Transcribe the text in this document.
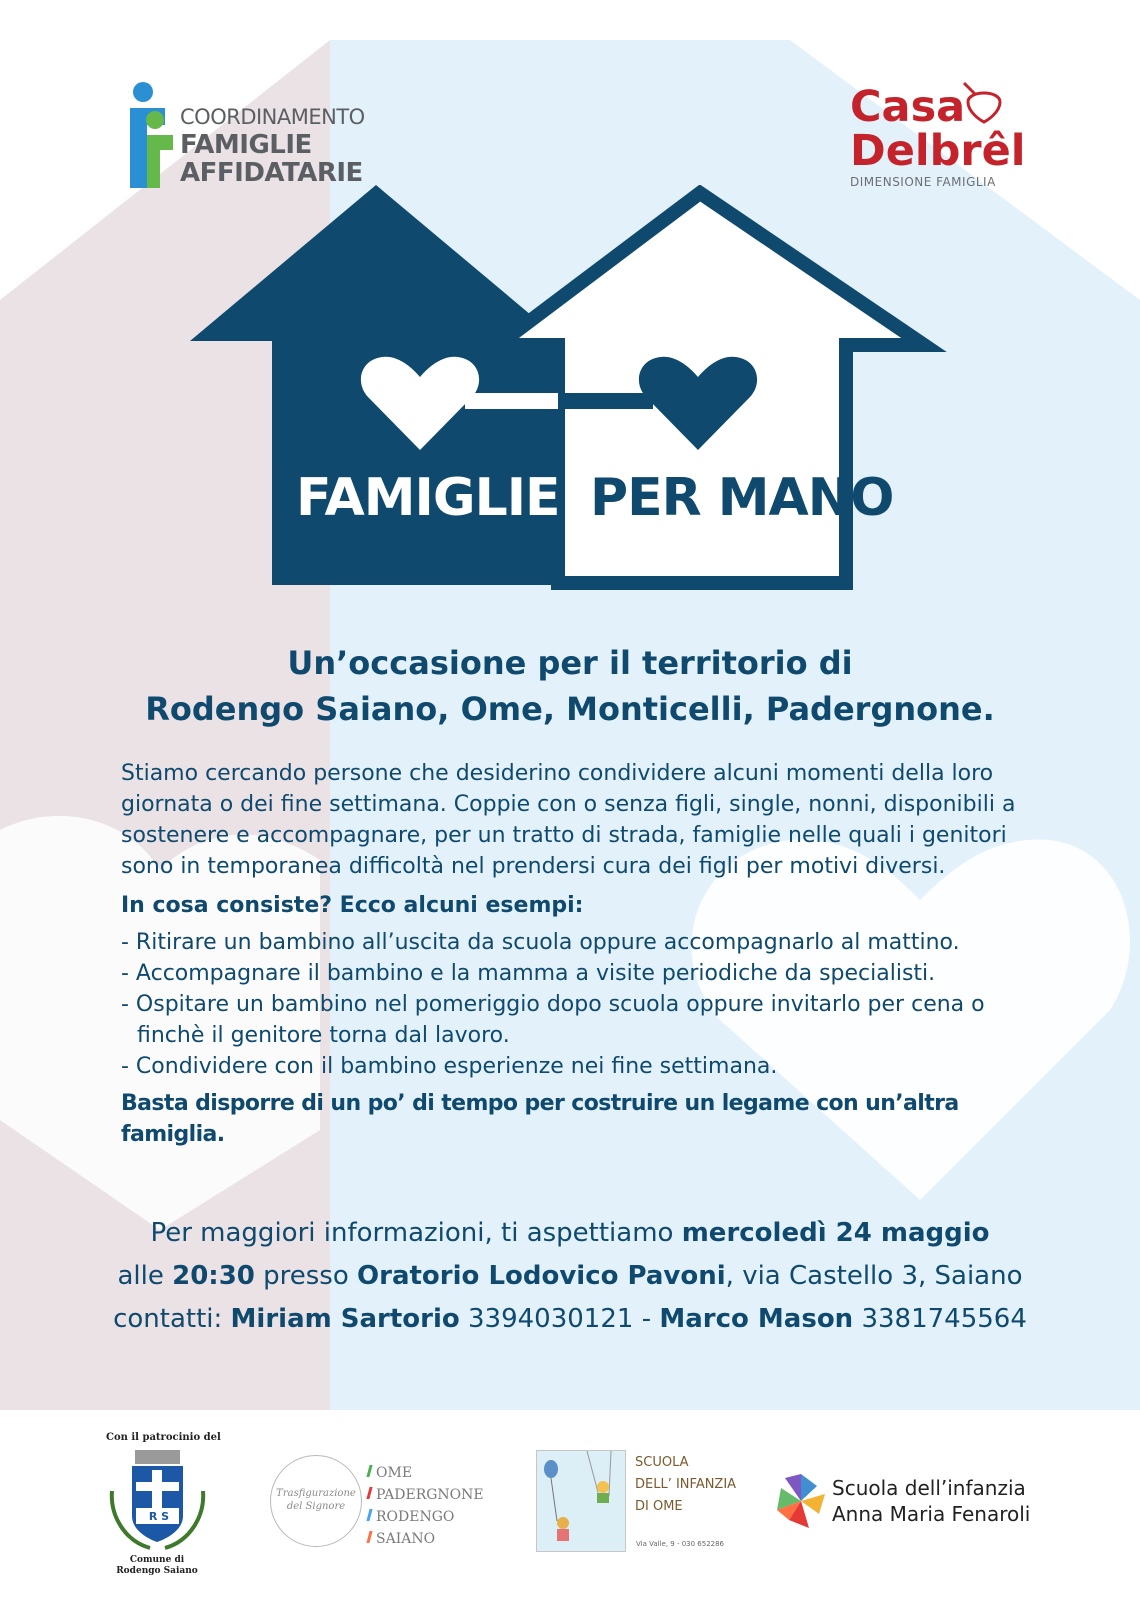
COORDINAMENTO
FAMIGLIE
AFFIDATARIE
Casa
Delbrêl
DIMENSIONE FAMIGLIA
FAMIGLIE PER MANO
Un’occasione per il territorio di
Rodengo Saiano, Ome, Monticelli, Padergnone.

Stiamo cercando persone che desiderino condividere alcuni momenti della loro giornata o dei fine settimana. Coppie con o senza figli, single, nonni, disponibili a sostenere e accompagnare, per un tratto di strada, famiglie nelle quali i genitori sono in temporanea difficoltà nel prendersi cura dei figli per motivi diversi.

In cosa consiste? Ecco alcuni esempi:

- Ritirare un bambino all’uscita da scuola oppure accompagnarlo al mattino.
- Accompagnare il bambino e la mamma a visite periodiche da specialisti.
- Ospitare un bambino nel pomeriggio dopo scuola oppure invitarlo per cena o finchè il genitore torna dal lavoro.
- Condividere con il bambino esperienze nei fine settimana.

Basta disporre di un po’ di tempo per costruire un legame con un’altra famiglia.

Per maggiori informazioni, ti aspettiamo mercoledì 24 maggio
alle 20:30 presso Oratorio Lodovico Pavoni, via Castello 3, Saiano
contatti: Miriam Sartorio 3394030121 - Marco Mason 3381745564
Con il patrocinio del
R S
Comune di
Rodengo Saiano
Trasfigurazione
del Signore
OME
PADERGNONE
RODENGO
SAIANO
SCUOLA
DELL’ INFANZIA
DI OME
Via Valle, 9 - 030 652286
Scuola dell’infanzia
Anna Maria Fenaroli
